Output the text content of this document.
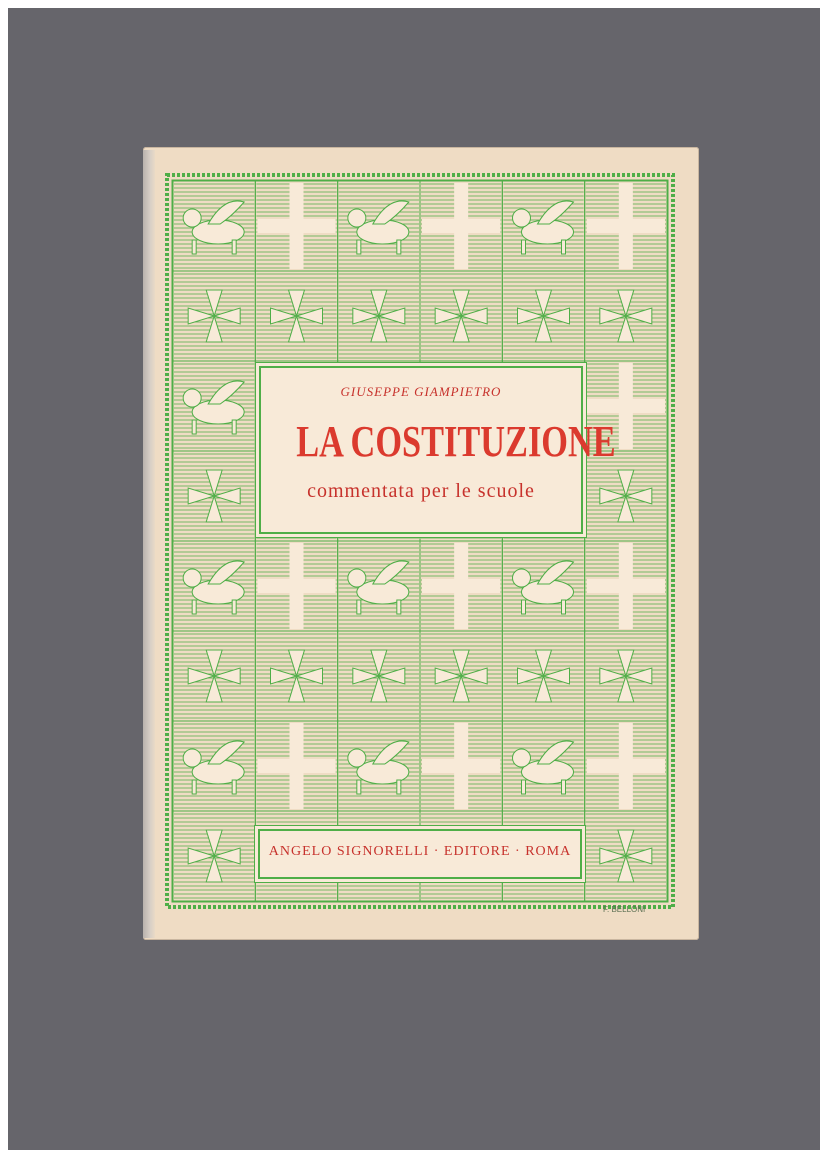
GIUSEPPE GIAMPIETRO
LA COSTITUZIONE
commentata per le scuole
ANGELO SIGNORELLI · EDITORE · ROMA
F. BELLONI
